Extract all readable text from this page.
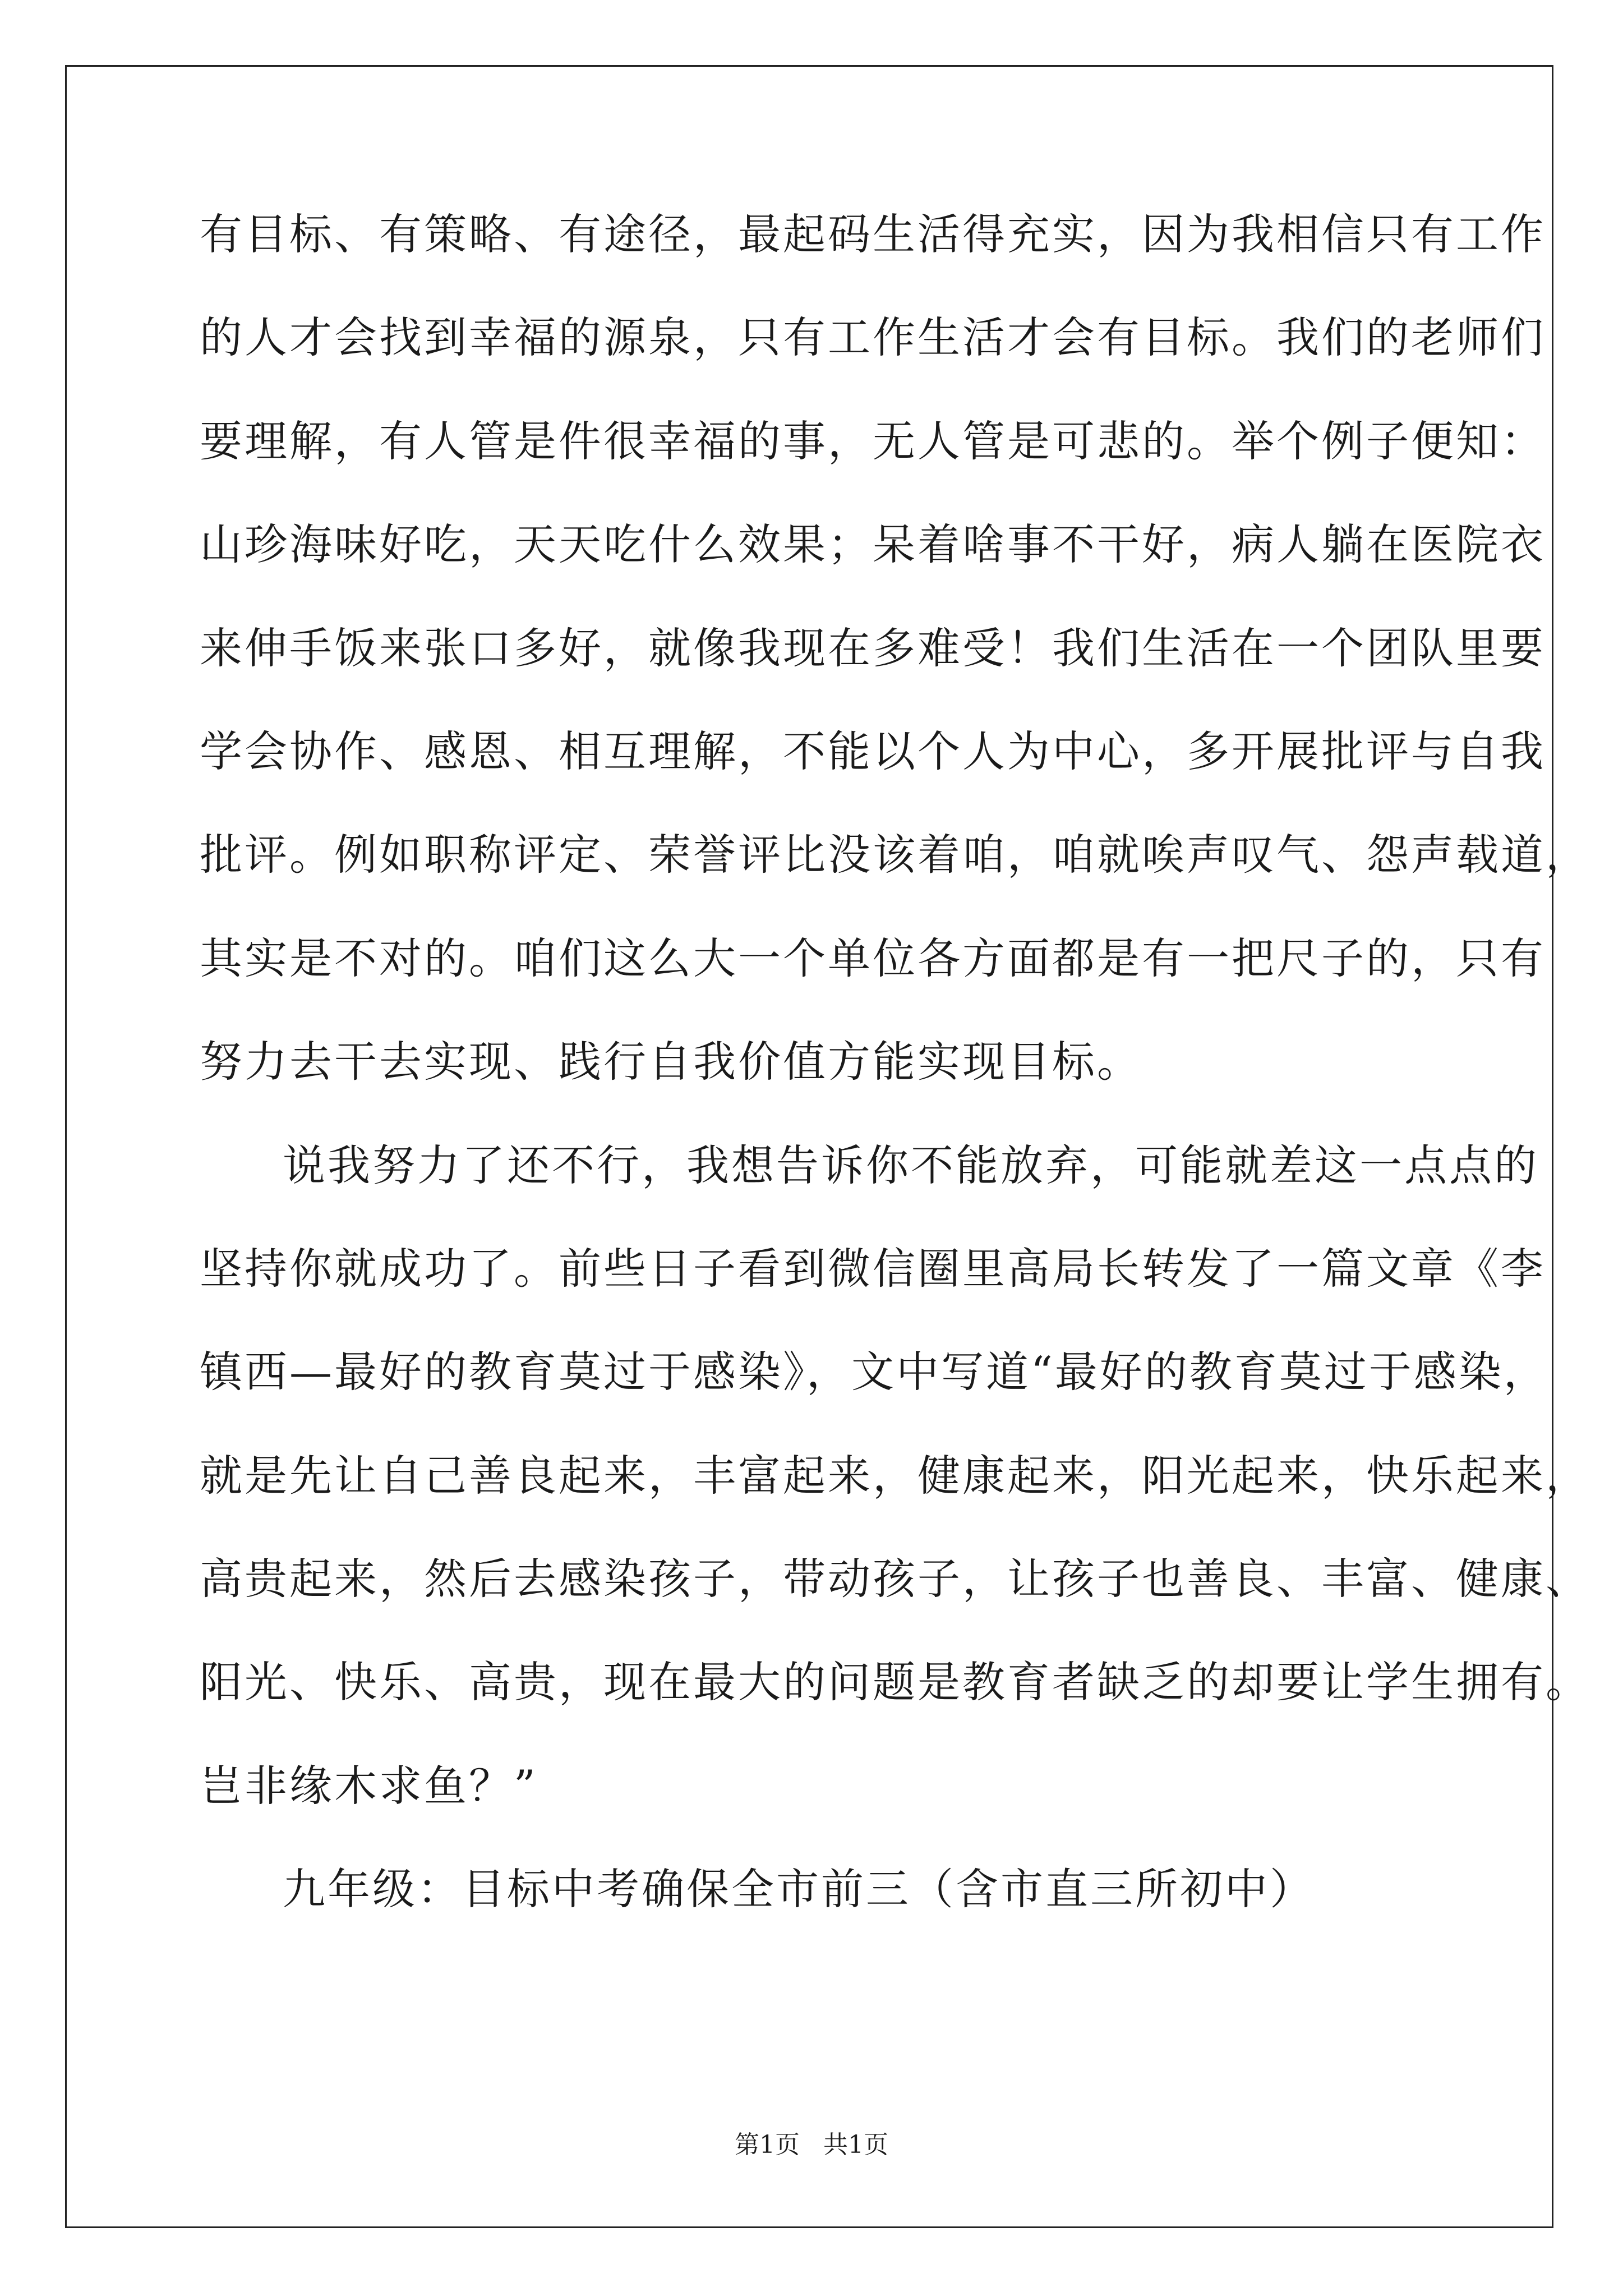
有目标、有策略、有途径，最起码生活得充实，因为我相信只有工作
的人才会找到幸福的源泉，只有工作生活才会有目标。我们的老师们
要理解，有人管是件很幸福的事，无人管是可悲的。举个例子便知：
山珍海味好吃，天天吃什么效果；呆着啥事不干好，病人躺在医院衣
来伸手饭来张口多好，就像我现在多难受！我们生活在一个团队里要
学会协作、感恩、相互理解，不能以个人为中心，多开展批评与自我
批评。例如职称评定、荣誉评比没该着咱，咱就唉声叹气、怨声载道，
其实是不对的。咱们这么大一个单位各方面都是有一把尺子的，只有
努力去干去实现、践行自我价值方能实现目标。
说我努力了还不行，我想告诉你不能放弃，可能就差这一点点的
坚持你就成功了。前些日子看到微信圈里高局长转发了一篇文章《李
镇西—最好的教育莫过于感染》，文中写道“最好的教育莫过于感染，
就是先让自己善良起来，丰富起来，健康起来，阳光起来，快乐起来，
高贵起来，然后去感染孩子，带动孩子，让孩子也善良、丰富、健康、
阳光、快乐、高贵，现在最大的问题是教育者缺乏的却要让学生拥有。
岂非缘木求鱼？”
九年级：目标中考确保全市前三（含市直三所初中）
第1页   共1页
